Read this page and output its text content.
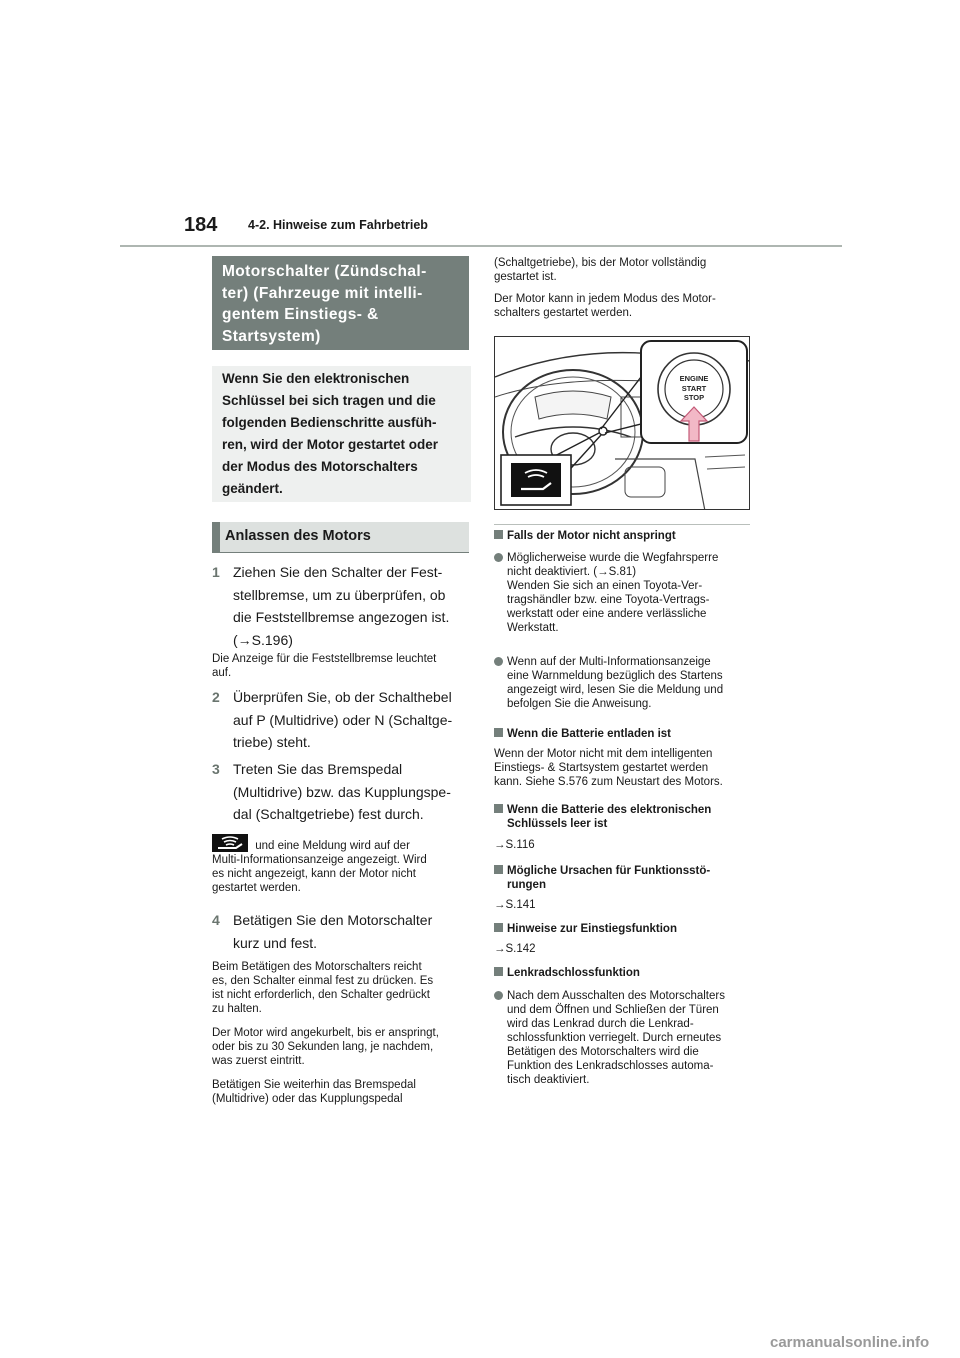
184 4-2. Hinweise zum Fahrbetrieb
Motorschalter (Zündschal-
ter) (Fahrzeuge mit intelli-
gentem Einstiegs- &
Startsystem)
Wenn Sie den elektronischen
Schlüssel bei sich tragen und die
folgenden Bedienschritte ausfüh-
ren, wird der Motor gestartet oder
der Modus des Motorschalters
geändert.
Anlassen des Motors
1 Ziehen Sie den Schalter der Fest-
stellbremse, um zu überprüfen, ob
die Feststellbremse angezogen ist.
(→S.196)
Die Anzeige für die Feststellbremse leuchtet
auf.
2 Überprüfen Sie, ob der Schalthebel
auf P (Multidrive) oder N (Schaltge-
triebe) steht.
3 Treten Sie das Bremspedal
(Multidrive) bzw. das Kupplungspe-
dal (Schaltgetriebe) fest durch.
und eine Meldung wird auf der
Multi-Informationsanzeige angezeigt. Wird
es nicht angezeigt, kann der Motor nicht
gestartet werden.
4 Betätigen Sie den Motorschalter
kurz und fest.
Beim Betätigen des Motorschalters reicht
es, den Schalter einmal fest zu drücken. Es
ist nicht erforderlich, den Schalter gedrückt
zu halten.
Der Motor wird angekurbelt, bis er anspringt,
oder bis zu 30 Sekunden lang, je nachdem,
was zuerst eintritt.
Betätigen Sie weiterhin das Bremspedal
(Multidrive) oder das Kupplungspedal
(Schaltgetriebe), bis der Motor vollständig
gestartet ist.
Der Motor kann in jedem Modus des Motor-
schalters gestartet werden.
ENGINE
START
STOP
Falls der Motor nicht anspringt
Möglicherweise wurde die Wegfahrsperre
nicht deaktiviert. (→S.81)
Wenden Sie sich an einen Toyota-Ver-
tragshändler bzw. eine Toyota-Vertrags-
werkstatt oder eine andere verlässliche
Werkstatt.
Wenn auf der Multi-Informationsanzeige
eine Warnmeldung bezüglich des Startens
angezeigt wird, lesen Sie die Meldung und
befolgen Sie die Anweisung.
Wenn die Batterie entladen ist
Wenn der Motor nicht mit dem intelligenten
Einstiegs- & Startsystem gestartet werden
kann. Siehe S.576 zum Neustart des Motors.
Wenn die Batterie des elektronischen
Schlüssels leer ist
→S.116
Mögliche Ursachen für Funktionsstö-
rungen
→S.141
Hinweise zur Einstiegsfunktion
→S.142
Lenkradschlossfunktion
Nach dem Ausschalten des Motorschalters
und dem Öffnen und Schließen der Türen
wird das Lenkrad durch die Lenkrad-
schlossfunktion verriegelt. Durch erneutes
Betätigen des Motorschalters wird die
Funktion des Lenkradschlosses automa-
tisch deaktiviert.
carmanualsonline.info
